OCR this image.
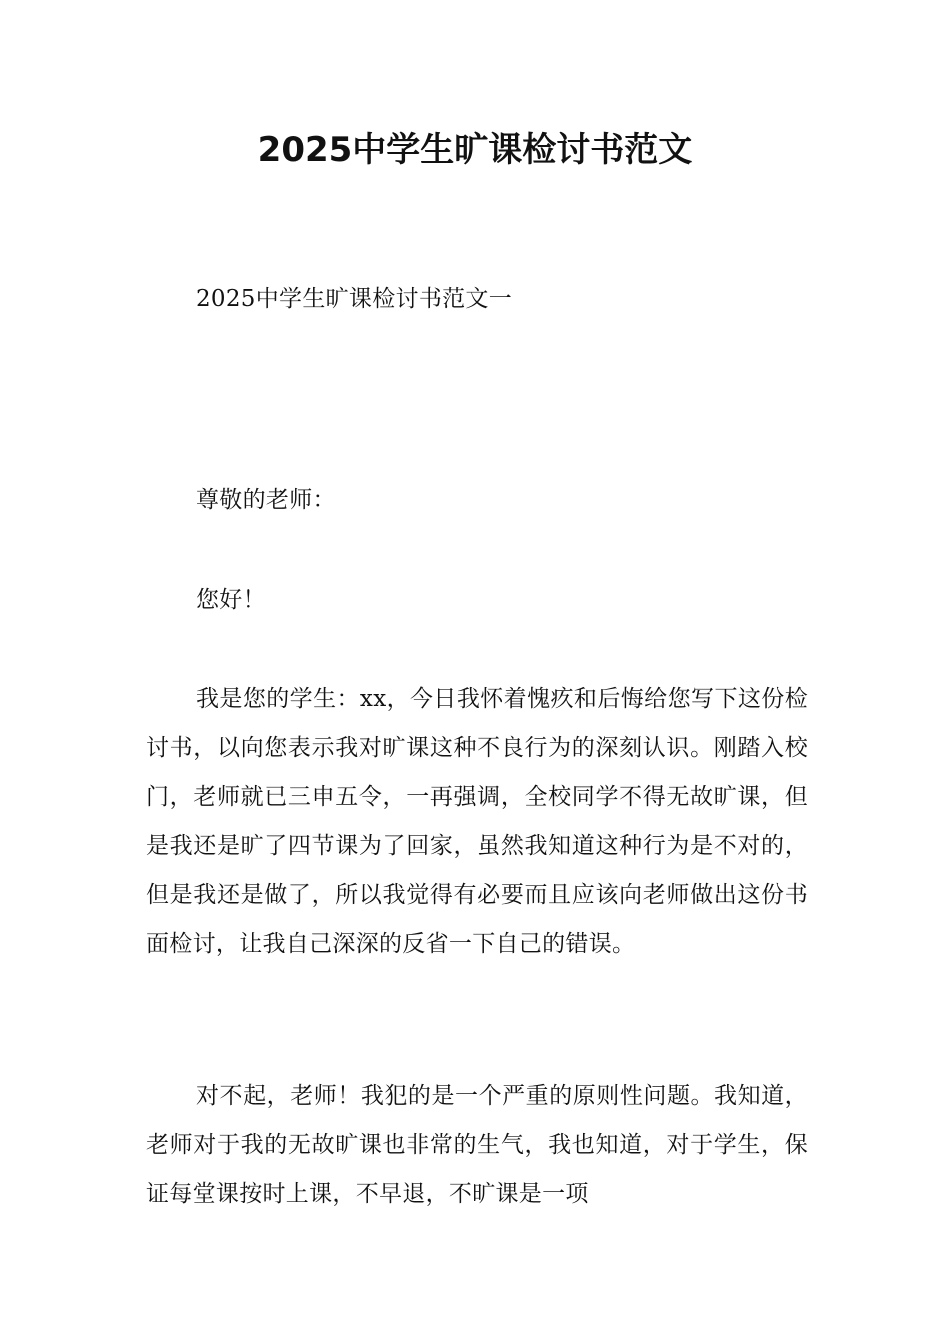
2025中学生旷课检讨书范文

2025中学生旷课检讨书范文一

尊敬的老师：

您好！

我是您的学生：xx，今日我怀着愧疚和后悔给您写下这份检讨书，以向您表示我对旷课这种不良行为的深刻认识。刚踏入校门，老师就已三申五令，一再强调，全校同学不得无故旷课，但是我还是旷了四节课为了回家，虽然我知道这种行为是不对的，但是我还是做了，所以我觉得有必要而且应该向老师做出这份书面检讨，让我自己深深的反省一下自己的错误。

对不起，老师！我犯的是一个严重的原则性问题。我知道，老师对于我的无故旷课也非常的生气，我也知道，对于学生，保证每堂课按时上课，不早退，不旷课是一项
